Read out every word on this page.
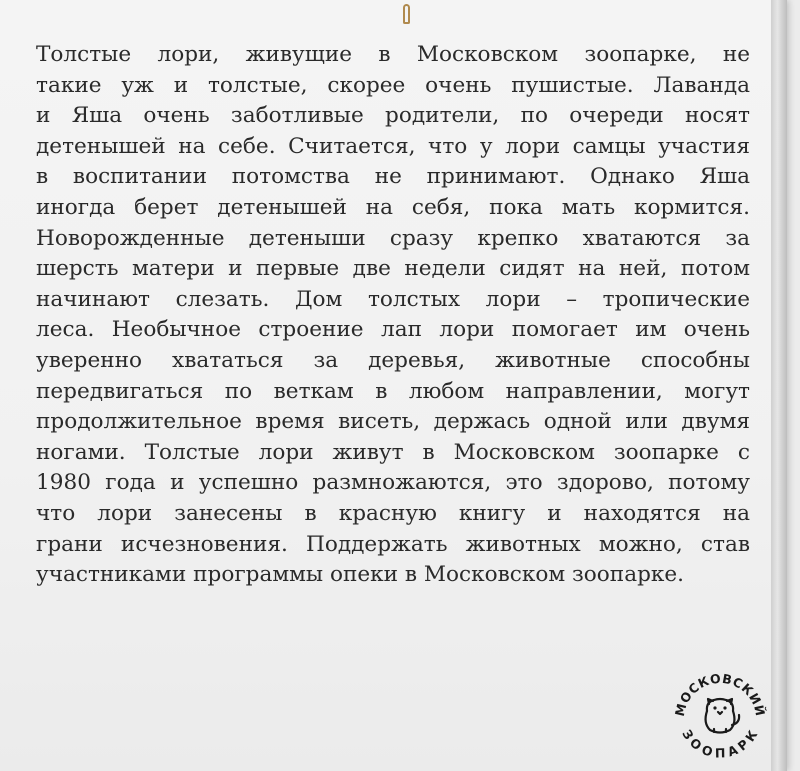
Толстые лори, живущие в Московском зоопарке, не
такие уж и толстые, скорее очень пушистые. Лаванда
и Яша очень заботливые родители, по очереди носят
детенышей на себе. Считается, что у лори самцы участия
в воспитании потомства не принимают. Однако Яша
иногда берет детенышей на себя, пока мать кормится.
Новорожденные детеныши сразу крепко хватаются за
шерсть матери и первые две недели сидят на ней, потом
начинают слезать. Дом толстых лори – тропические
леса. Необычное строение лап лори помогает им очень
уверенно хвататься за деревья, животные способны
передвигаться по веткам в любом направлении, могут
продолжительное время висеть, держась одной или двумя
ногами. Толстые лори живут в Московском зоопарке с
1980 года и успешно размножаются, это здорово, потому
что лори занесены в красную книгу и находятся на
грани исчезновения. Поддержать животных можно, став
участниками программы опеки в Московском зоопарке.
МОСКОВСКИЙ
ЗООПАРК
